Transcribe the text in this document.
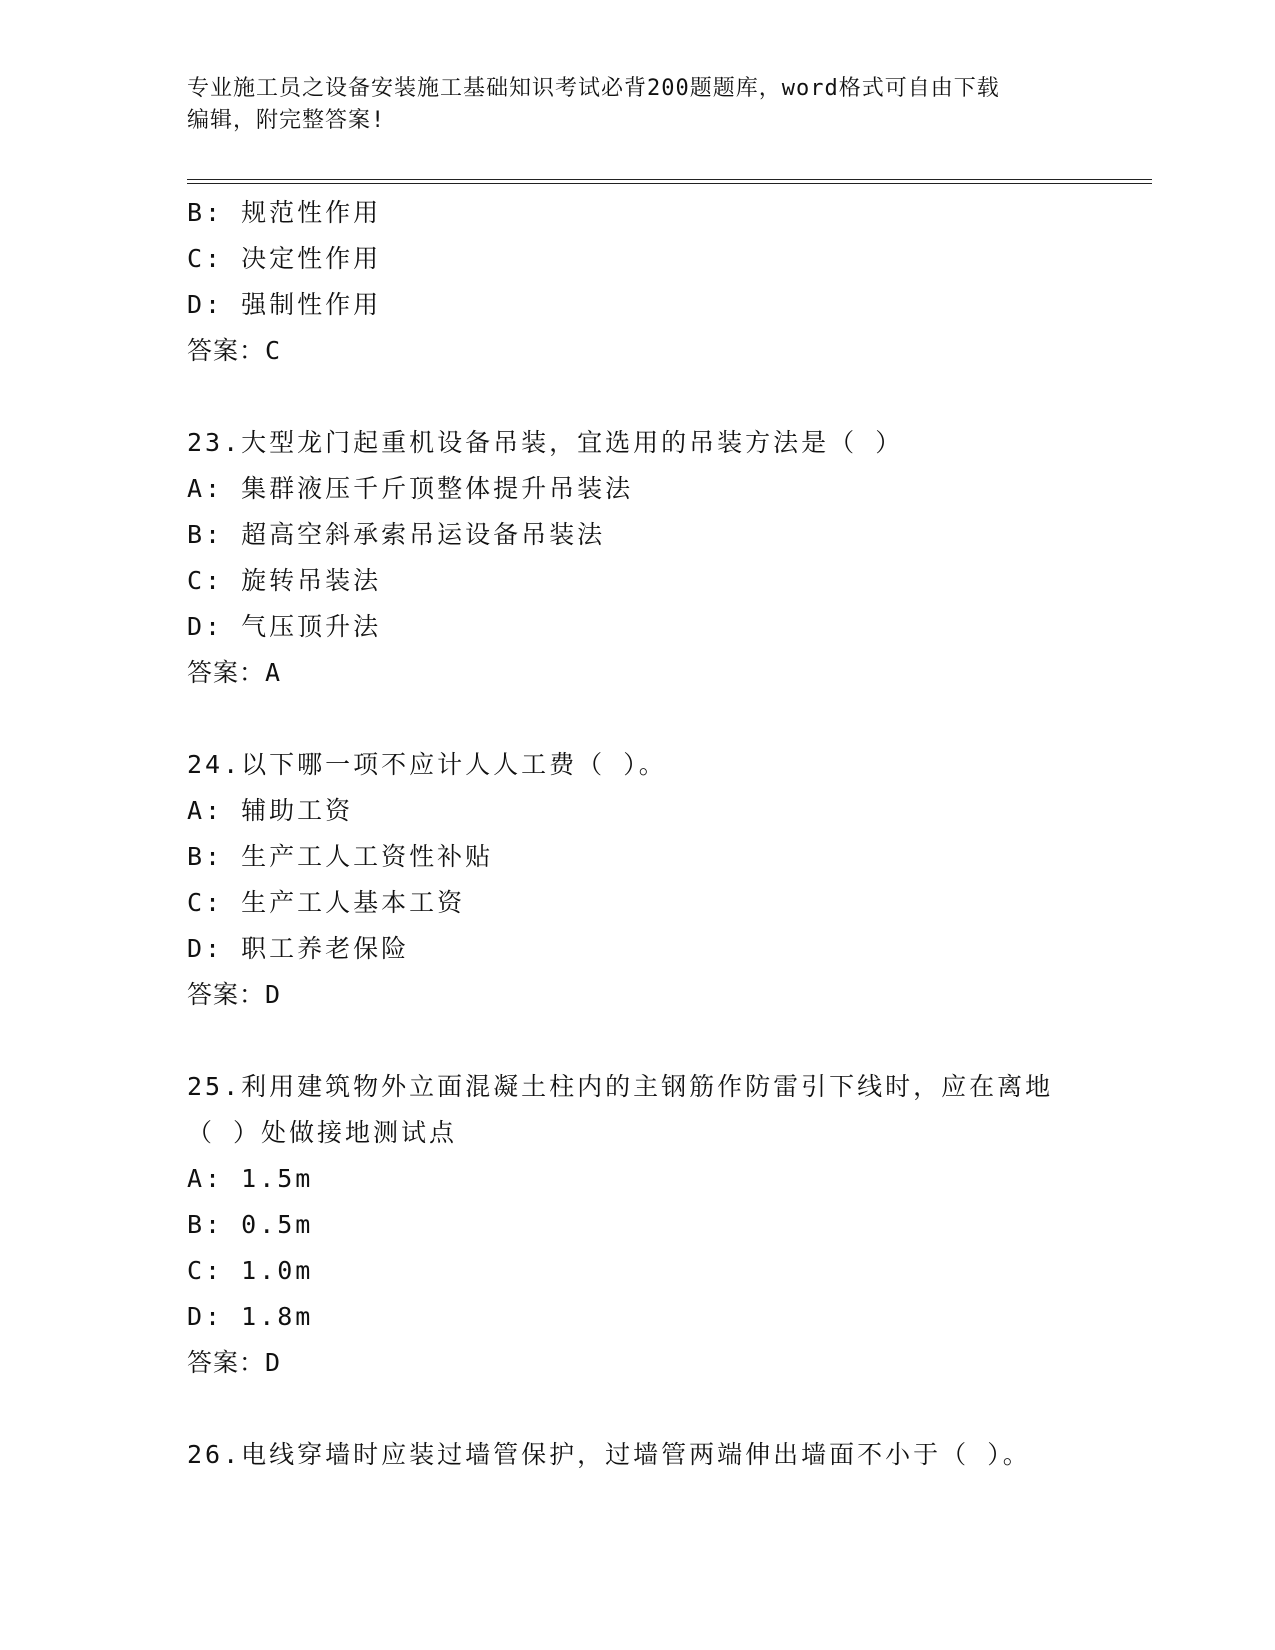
专业施工员之设备安装施工基础知识考试必背200题题库，word格式可自由下载
编辑，附完整答案!
B: 规范性作用
C: 决定性作用
D: 强制性作用
答案：C
23.大型龙门起重机设备吊装，宜选用的吊装方法是（ ）
A: 集群液压千斤顶整体提升吊装法
B: 超高空斜承索吊运设备吊装法
C: 旋转吊装法
D: 气压顶升法
答案：A
24.以下哪一项不应计人人工费（ ）。
A: 辅助工资
B: 生产工人工资性补贴
C: 生产工人基本工资
D: 职工养老保险
答案：D
25.利用建筑物外立面混凝土柱内的主钢筋作防雷引下线时，应在离地
（ ）处做接地测试点
A: 1.5m
B: 0.5m
C: 1.0m
D: 1.8m
答案：D
26.电线穿墙时应装过墙管保护，过墙管两端伸出墙面不小于（ ）。
